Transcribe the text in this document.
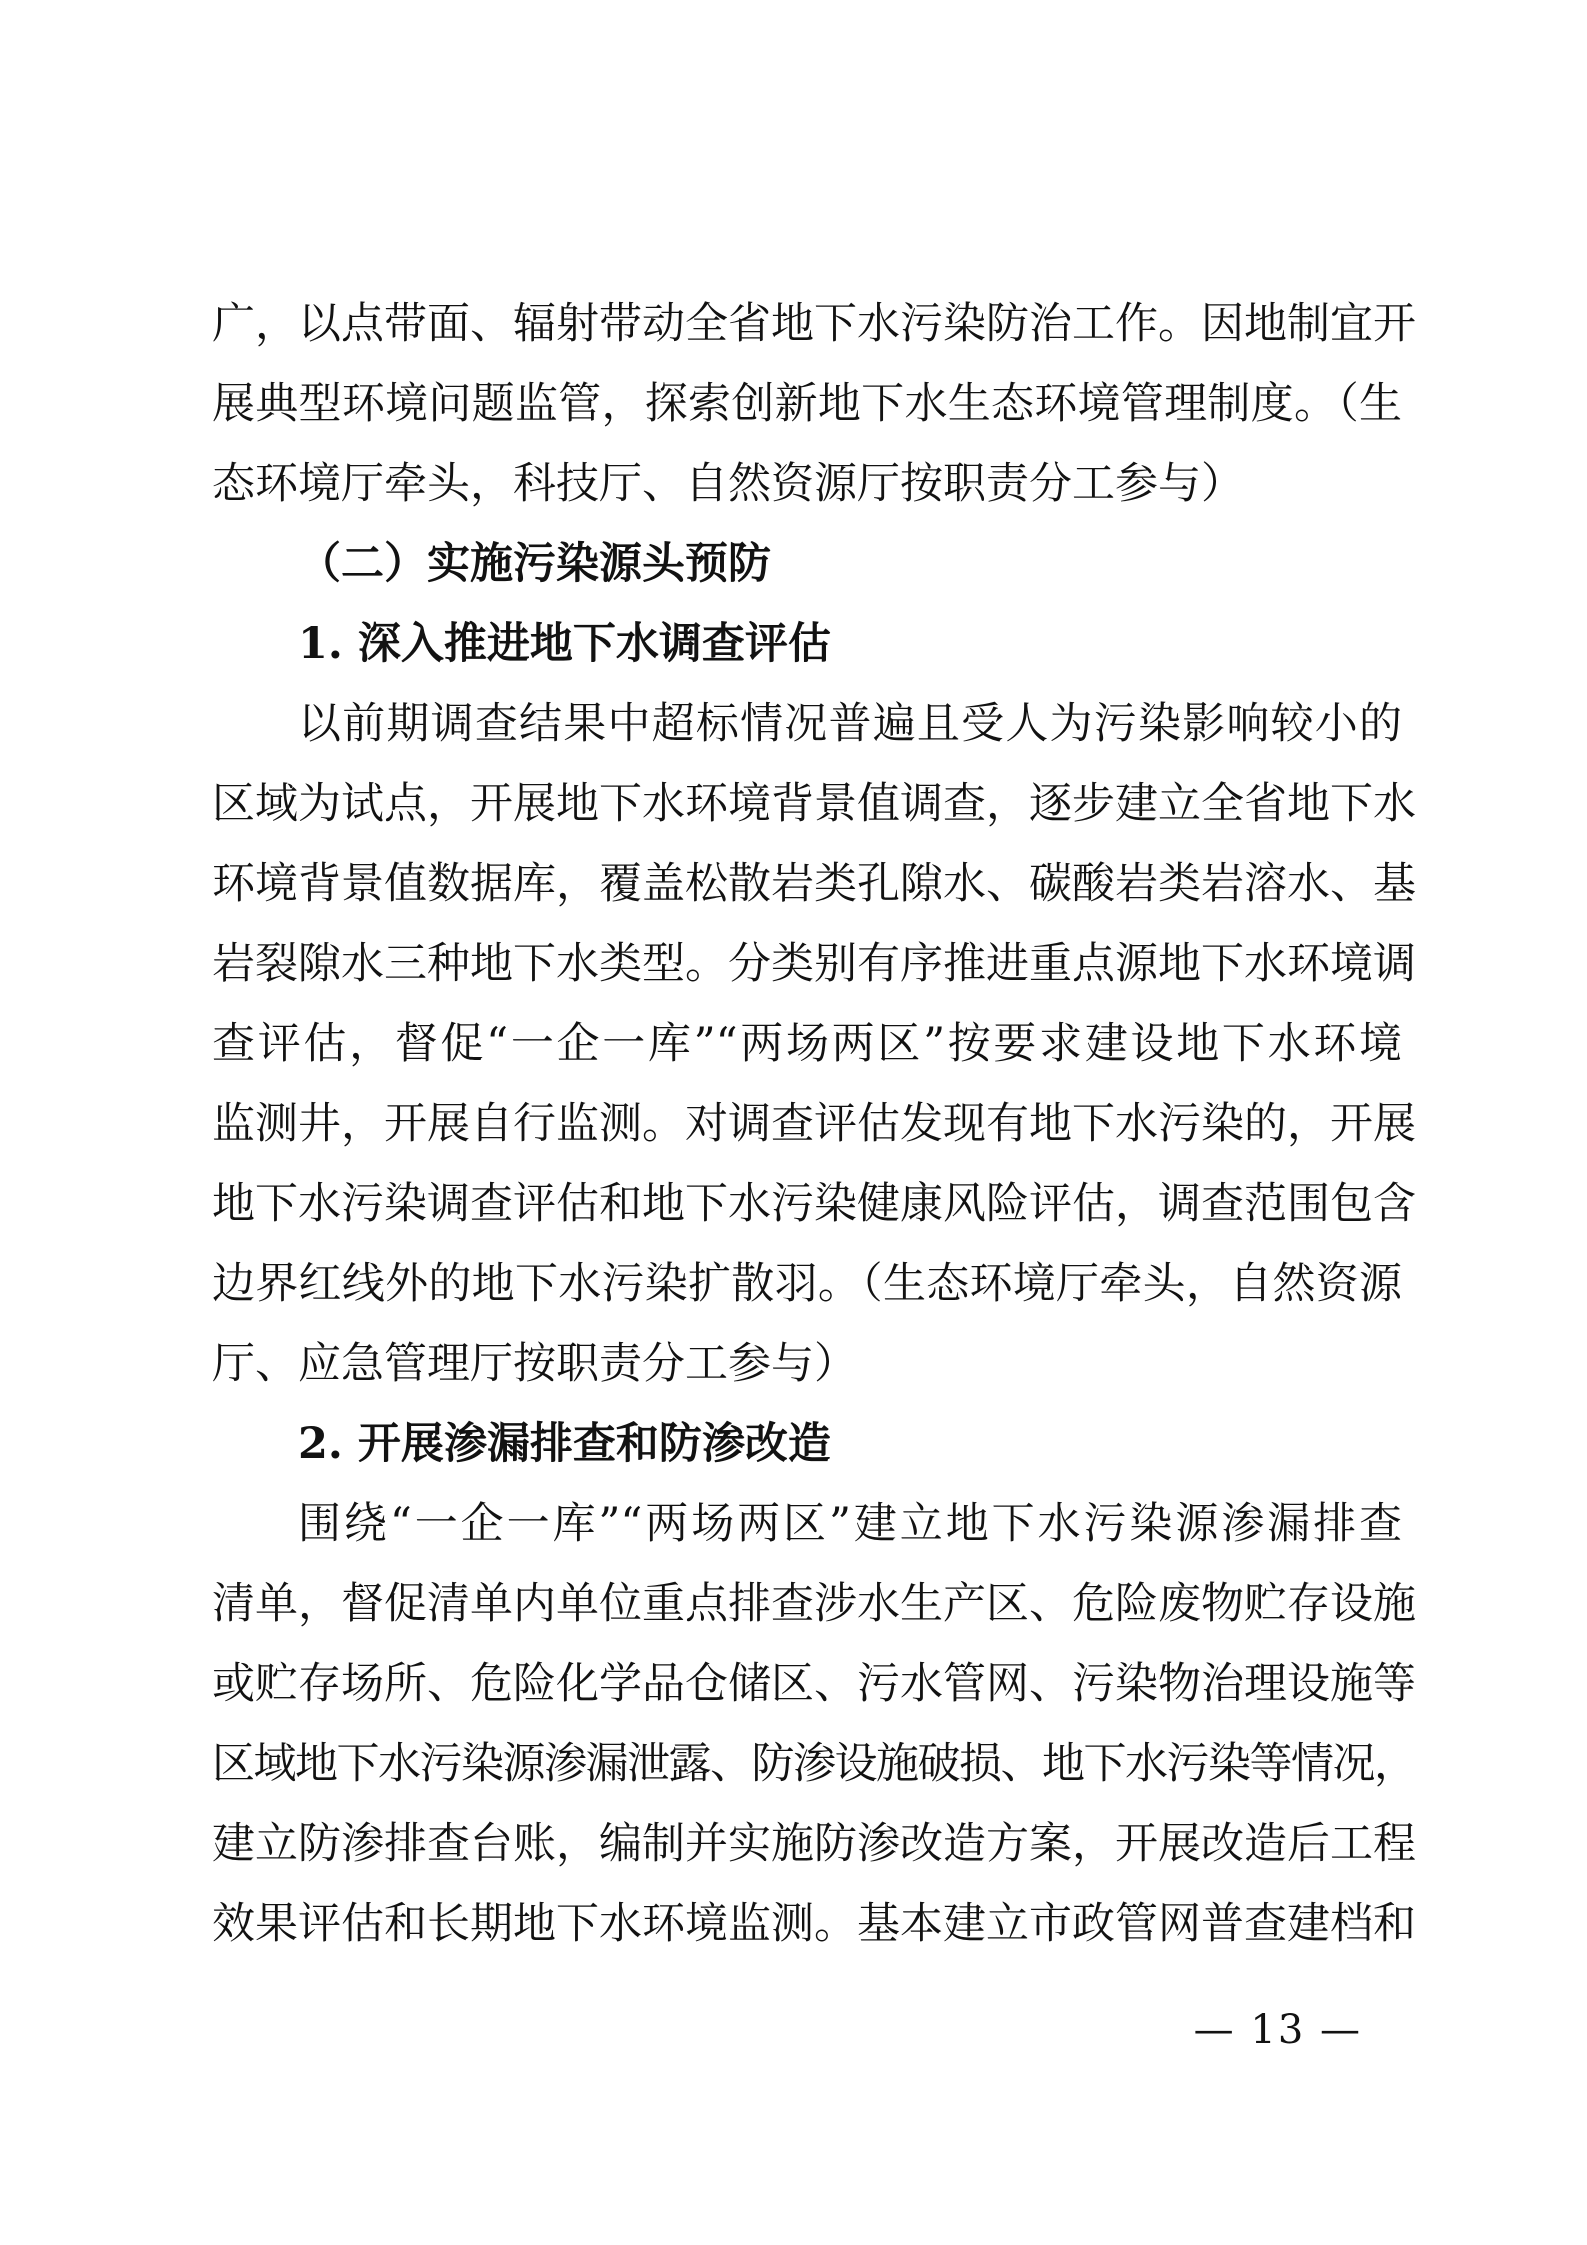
广，以点带面、辐射带动全省地下水污染防治工作。因地制宜开
展典型环境问题监管，探索创新地下水生态环境管理制度。（生
态环境厅牵头，科技厅、自然资源厅按职责分工参与）
（二）实施污染源头预防
1. 深入推进地下水调查评估
以前期调查结果中超标情况普遍且受人为污染影响较小的
区域为试点，开展地下水环境背景值调查，逐步建立全省地下水
环境背景值数据库，覆盖松散岩类孔隙水、碳酸岩类岩溶水、基
岩裂隙水三种地下水类型。分类别有序推进重点源地下水环境调
查评估，督促“一企一库”“两场两区”按要求建设地下水环境
监测井，开展自行监测。对调查评估发现有地下水污染的，开展
地下水污染调查评估和地下水污染健康风险评估，调查范围包含
边界红线外的地下水污染扩散羽。（生态环境厅牵头，自然资源
厅、应急管理厅按职责分工参与）
2. 开展渗漏排查和防渗改造
围绕“一企一库”“两场两区”建立地下水污染源渗漏排查
清单，督促清单内单位重点排查涉水生产区、危险废物贮存设施
或贮存场所、危险化学品仓储区、污水管网、污染物治理设施等
区域地下水污染源渗漏泄露、防渗设施破损、地下水污染等情况，
建立防渗排查台账，编制并实施防渗改造方案，开展改造后工程
效果评估和长期地下水环境监测。基本建立市政管网普查建档和
— 13 —
